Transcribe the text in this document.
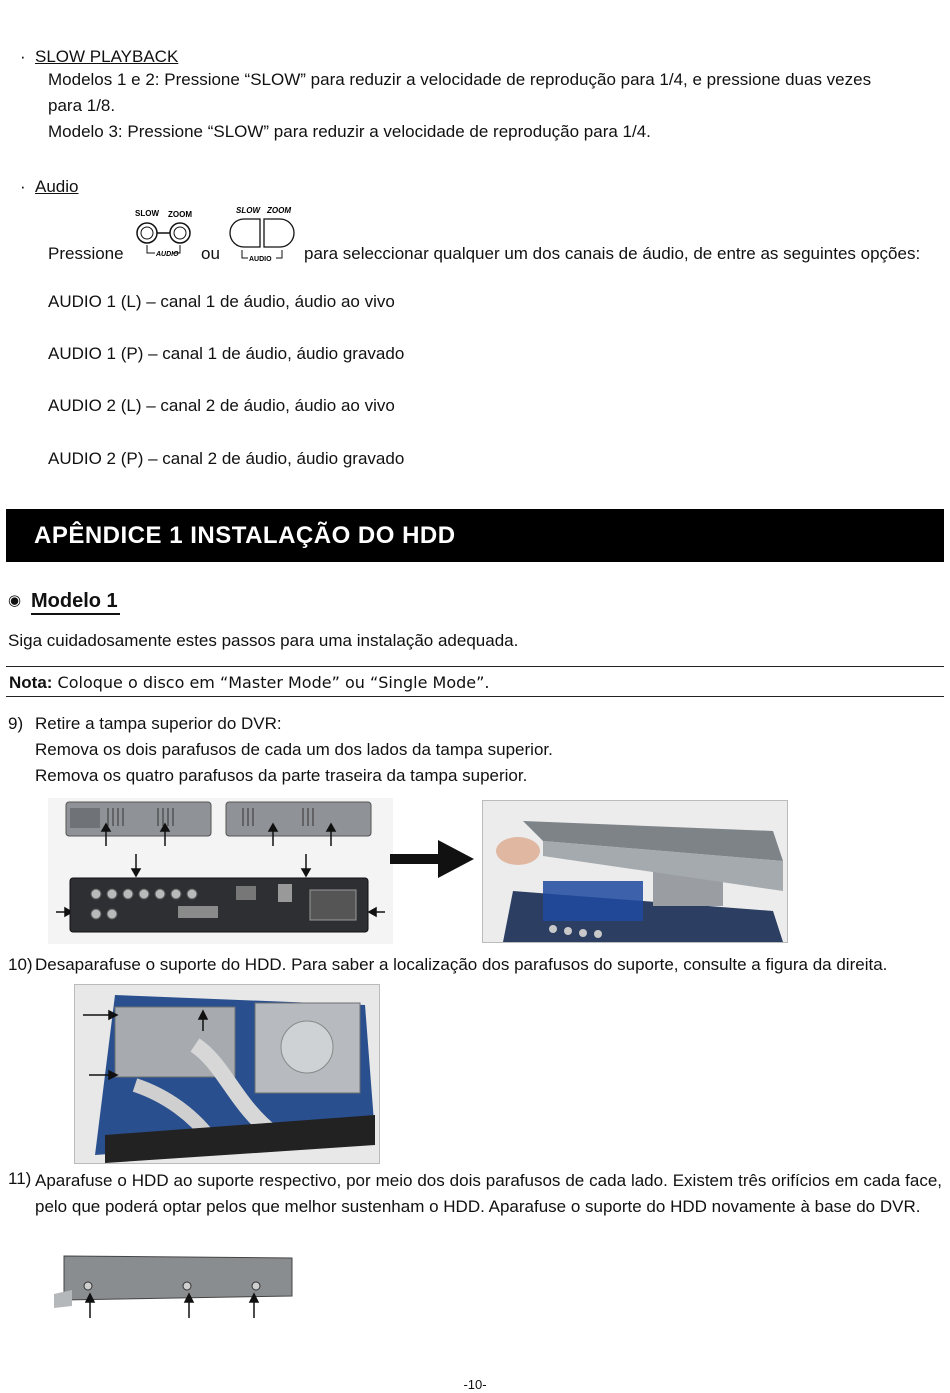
· SLOW PLAYBACK
Modelos 1 e 2: Pressione “SLOW” para reduzir a velocidade de reprodução para 1/4, e pressione duas vezes
para 1/8.
Modelo 3: Pressione “SLOW” para reduzir a velocidade de reprodução para 1/4.
· Audio
Pressione
SLOW ZOOM
AUDIO ou
SLOW ZOOM
AUDIO para seleccionar qualquer um dos canais de áudio, de entre as seguintes opções:
AUDIO 1 (L) – canal 1 de áudio, áudio ao vivo
AUDIO 1 (P) – canal 1 de áudio, áudio gravado
AUDIO 2 (L) – canal 2 de áudio, áudio ao vivo
AUDIO 2 (P) – canal 2 de áudio, áudio gravado
APÊNDICE 1 INSTALAÇÃO DO HDD
◉ Modelo 1
Siga cuidadosamente estes passos para uma instalação adequada.
Nota: Coloque o disco em “Master Mode” ou “Single Mode”.
9) Retire a tampa superior do DVR:
Remova os dois parafusos de cada um dos lados da tampa superior.
Remova os quatro parafusos da parte traseira da tampa superior.
10) Desaparafuse o suporte do HDD. Para saber a localização dos parafusos do suporte, consulte a figura da direita.
11) Aparafuse o HDD ao suporte respectivo, por meio dos dois parafusos de cada lado. Existem três orifícios em cada face, pelo que poderá optar pelos que melhor sustenham o HDD. Aparafuse o suporte do HDD novamente à base do DVR.
-10-
